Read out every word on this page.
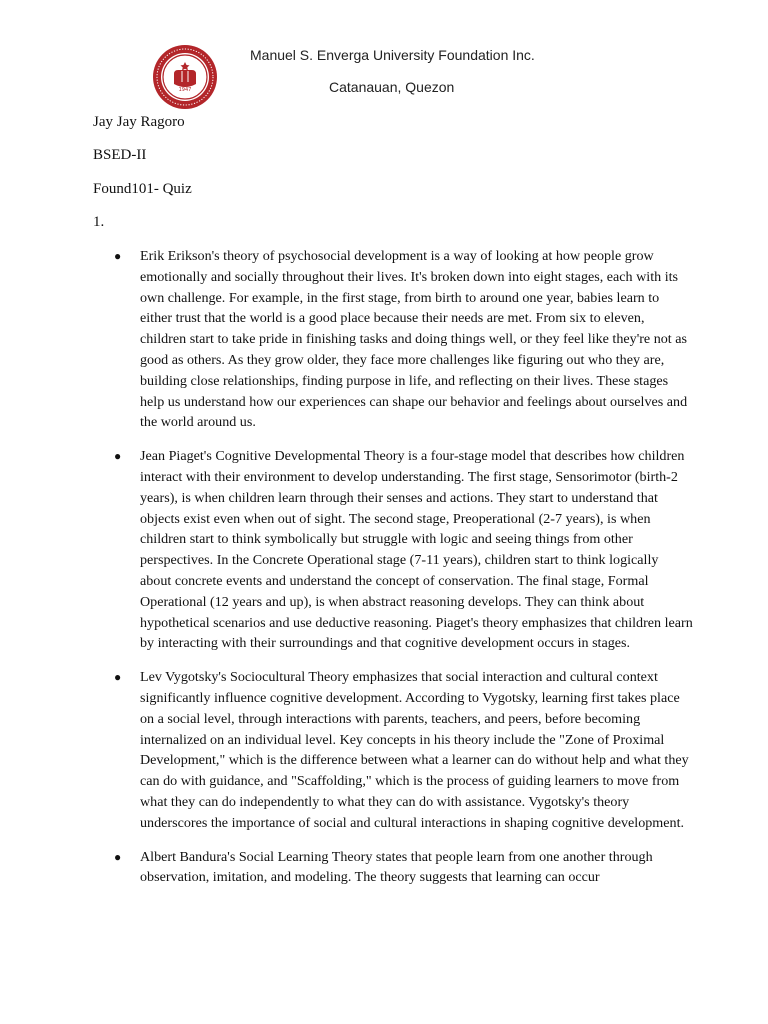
1947
Manuel S. Enverga University Foundation Inc.
Catanauan, Quezon
Jay Jay Ragoro
BSED-II
Found101- Quiz
1.
● Erik Erikson's theory of psychosocial development is a way of looking at how people grow emotionally and socially throughout their lives. It's broken down into eight stages, each with its own challenge. For example, in the first stage, from birth to around one year, babies learn to either trust that the world is a good place because their needs are met. From six to eleven, children start to take pride in finishing tasks and doing things well, or they feel like they're not as good as others. As they grow older, they face more challenges like figuring out who they are, building close relationships, finding purpose in life, and reflecting on their lives. These stages help us understand how our experiences can shape our behavior and feelings about ourselves and the world around us.
● Jean Piaget's Cognitive Developmental Theory is a four-stage model that describes how children interact with their environment to develop understanding. The first stage, Sensorimotor (birth-2 years), is when children learn through their senses and actions. They start to understand that objects exist even when out of sight. The second stage, Preoperational (2-7 years), is when children start to think symbolically but struggle with logic and seeing things from other perspectives. In the Concrete Operational stage (7-11 years), children start to think logically about concrete events and understand the concept of conservation. The final stage, Formal Operational (12 years and up), is when abstract reasoning develops. They can think about hypothetical scenarios and use deductive reasoning. Piaget's theory emphasizes that children learn by interacting with their surroundings and that cognitive development occurs in stages.
● Lev Vygotsky's Sociocultural Theory emphasizes that social interaction and cultural context significantly influence cognitive development. According to Vygotsky, learning first takes place on a social level, through interactions with parents, teachers, and peers, before becoming internalized on an individual level. Key concepts in his theory include the "Zone of Proximal Development," which is the difference between what a learner can do without help and what they can do with guidance, and "Scaffolding," which is the process of guiding learners to move from what they can do independently to what they can do with assistance. Vygotsky's theory underscores the importance of social and cultural interactions in shaping cognitive development.
● Albert Bandura's Social Learning Theory states that people learn from one another through observation, imitation, and modeling. The theory suggests that learning can occur
